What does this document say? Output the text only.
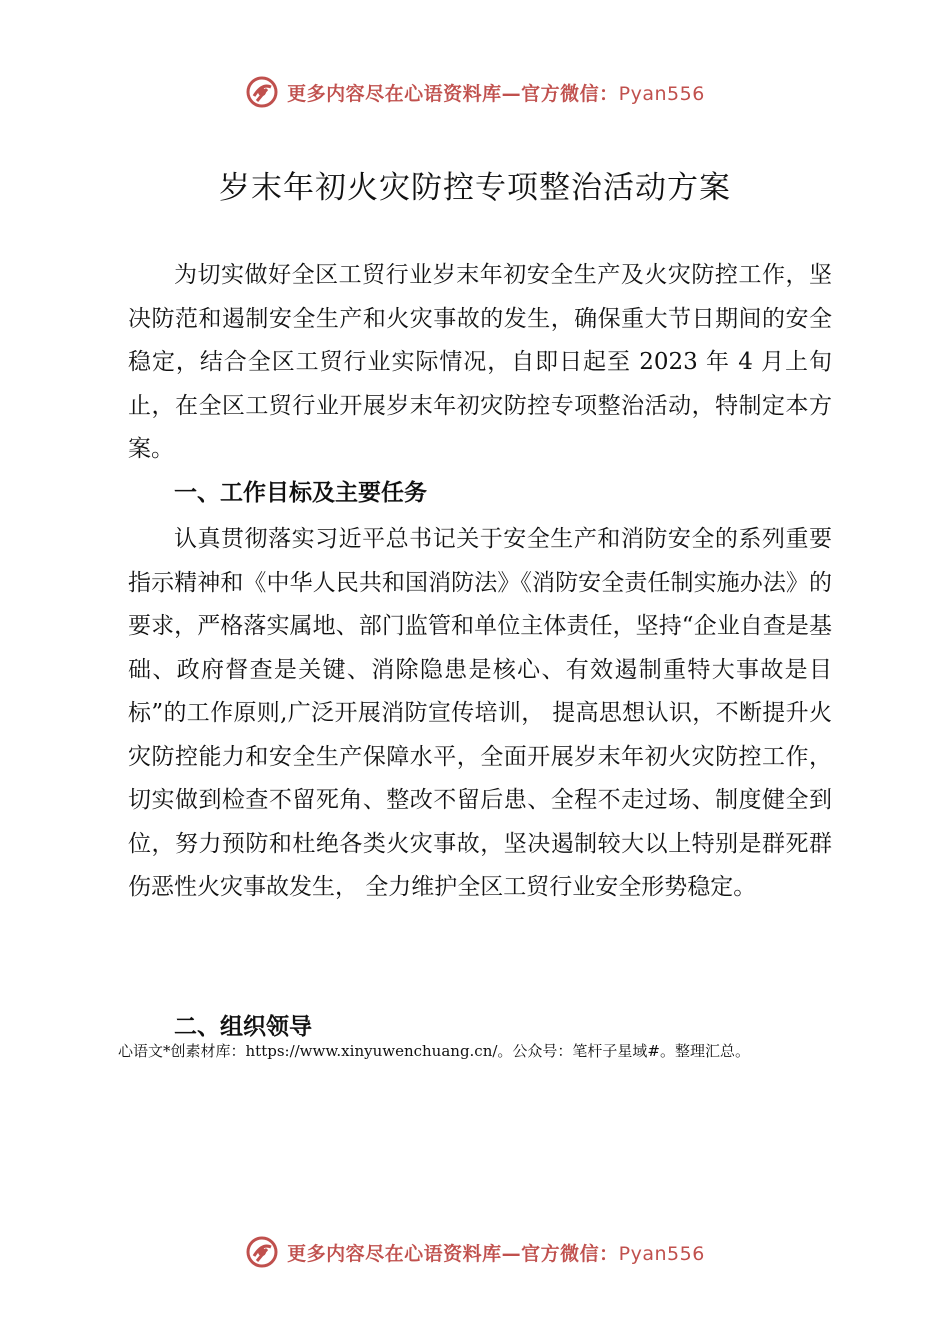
更多内容尽在心语资料库—官方微信：Pyan556
岁末年初火灾防控专项整治活动方案

为切实做好全区工贸行业岁末年初安全生产及火灾防控工作，坚决防范和遏制安全生产和火灾事故的发生，确保重大节日期间的安全稳定，结合全区工贸行业实际情况，自即日起至 2023 年 4 月上旬止，在全区工贸行业开展岁末年初灾防控专项整治活动，特制定本方案。

一、工作目标及主要任务

认真贯彻落实习近平总书记关于安全生产和消防安全的系列重要指示精神和《中华人民共和国消防法》《消防安全责任制实施办法》的要求，严格落实属地、部门监管和单位主体责任，坚持“企业自查是基础、政府督查是关键、消除隐患是核心、有效遏制重特大事故是目标”的工作原则,广泛开展消防宣传培训， 提高思想认识，不断提升火灾防控能力和安全生产保障水平，全面开展岁末年初火灾防控工作，切实做到检查不留死角、整改不留后患、全程不走过场、制度健全到位，努力预防和杜绝各类火灾事故，坚决遏制较大以上特别是群死群伤恶性火灾事故发生， 全力维护全区工贸行业安全形势稳定。

二、组织领导

心语文*创素材库：https://www.xinyuwenchuang.cn/。公众号：笔杆子星域#。整理汇总。
更多内容尽在心语资料库—官方微信：Pyan556
